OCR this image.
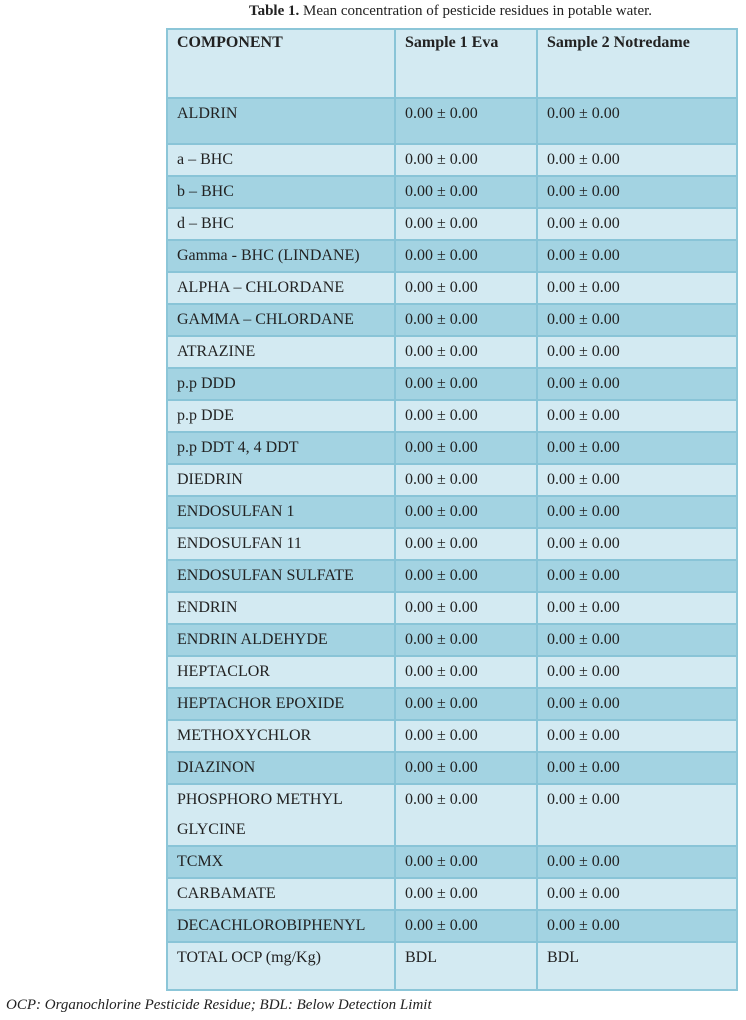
Table 1. Mean concentration of pesticide residues in potable water.
COMPONENT	Sample 1 Eva	Sample 2 Notredame
ALDRIN	0.00 ± 0.00	0.00 ± 0.00
a – BHC	0.00 ± 0.00	0.00 ± 0.00
b – BHC	0.00 ± 0.00	0.00 ± 0.00
d – BHC	0.00 ± 0.00	0.00 ± 0.00
Gamma - BHC (LINDANE)	0.00 ± 0.00	0.00 ± 0.00
ALPHA – CHLORDANE	0.00 ± 0.00	0.00 ± 0.00
GAMMA – CHLORDANE	0.00 ± 0.00	0.00 ± 0.00
ATRAZINE	0.00 ± 0.00	0.00 ± 0.00
p.p DDD	0.00 ± 0.00	0.00 ± 0.00
p.p DDE	0.00 ± 0.00	0.00 ± 0.00
p.p DDT 4, 4 DDT	0.00 ± 0.00	0.00 ± 0.00
DIEDRIN	0.00 ± 0.00	0.00 ± 0.00
ENDOSULFAN 1	0.00 ± 0.00	0.00 ± 0.00
ENDOSULFAN 11	0.00 ± 0.00	0.00 ± 0.00
ENDOSULFAN SULFATE	0.00 ± 0.00	0.00 ± 0.00
ENDRIN	0.00 ± 0.00	0.00 ± 0.00
ENDRIN ALDEHYDE	0.00 ± 0.00	0.00 ± 0.00
HEPTACLOR	0.00 ± 0.00	0.00 ± 0.00
HEPTACHOR EPOXIDE	0.00 ± 0.00	0.00 ± 0.00
METHOXYCHLOR	0.00 ± 0.00	0.00 ± 0.00
DIAZINON	0.00 ± 0.00	0.00 ± 0.00
PHOSPHORO METHYL GLYCINE	0.00 ± 0.00	0.00 ± 0.00
TCMX	0.00 ± 0.00	0.00 ± 0.00
CARBAMATE	0.00 ± 0.00	0.00 ± 0.00
DECACHLOROBIPHENYL	0.00 ± 0.00	0.00 ± 0.00
TOTAL OCP (mg/Kg)	BDL	BDL
OCP: Organochlorine Pesticide Residue; BDL: Below Detection Limit
